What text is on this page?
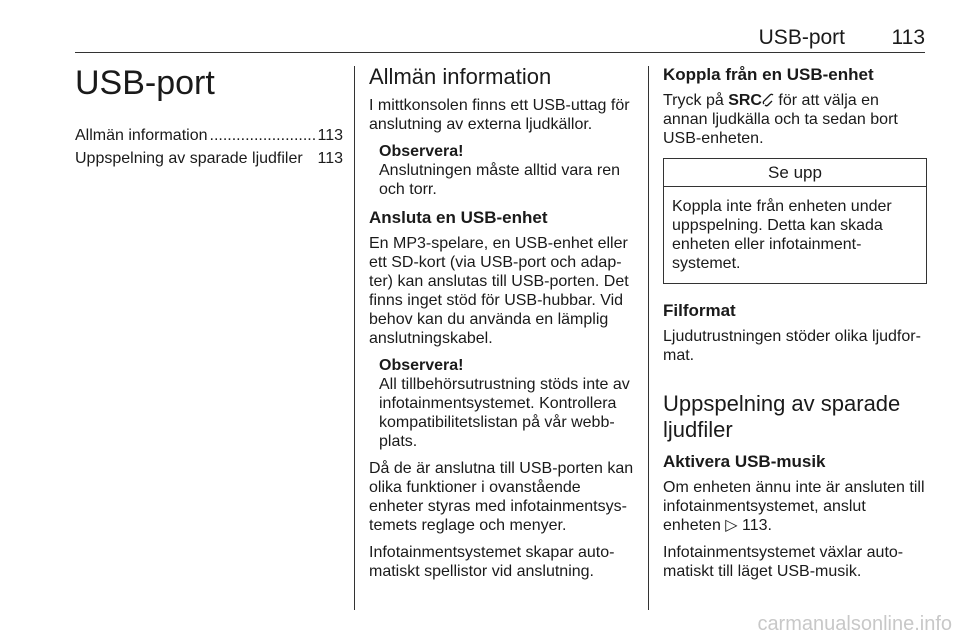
USB-port 113
USB-port
Allmän information
.....	113
Uppspelning av sparade ljudfiler 113
Allmän information

I mittkonsolen finns ett USB-uttag för anslutning av externa ljudkällor.

Observera!
Anslutningen måste alltid vara ren och torr.
Ansluta en USB-enhet

En MP3-spelare, en USB-enhet eller ett SD-kort (via USB-port och adap-ter) kan anslutas till USB-porten. Det finns inget stöd för USB-hubbar. Vid behov kan du använda en lämplig anslutningskabel.

Observera!
All tillbehörsutrustning stöds inte av infotainmentsystemet. Kontrollera kompatibilitetslistan på vår webb-plats.

Då de är anslutna till USB-porten kan olika funktioner i ovanstående enheter styras med infotainmentsys-temets reglage och menyer.

Infotainmentsystemet skapar auto-matiskt spellistor vid anslutning.

Koppla från en USB-enhet

Tryck på SRC för att välja en annan ljudkälla och ta sedan bort USB-enheten.

Se upp
Koppla inte från enheten under uppspelning. Detta kan skada enheten eller infotainment-systemet.
Filformat

Ljudutrustningen stöder olika ljudfor-mat.

Uppspelning av sparade ljudfiler
Aktivera USB-musik

Om enheten ännu inte är ansluten till infotainmentsystemet, anslut enheten ▷ 113.

Infotainmentsystemet växlar auto-matiskt till läget USB-musik.

carmanualsonline.info
